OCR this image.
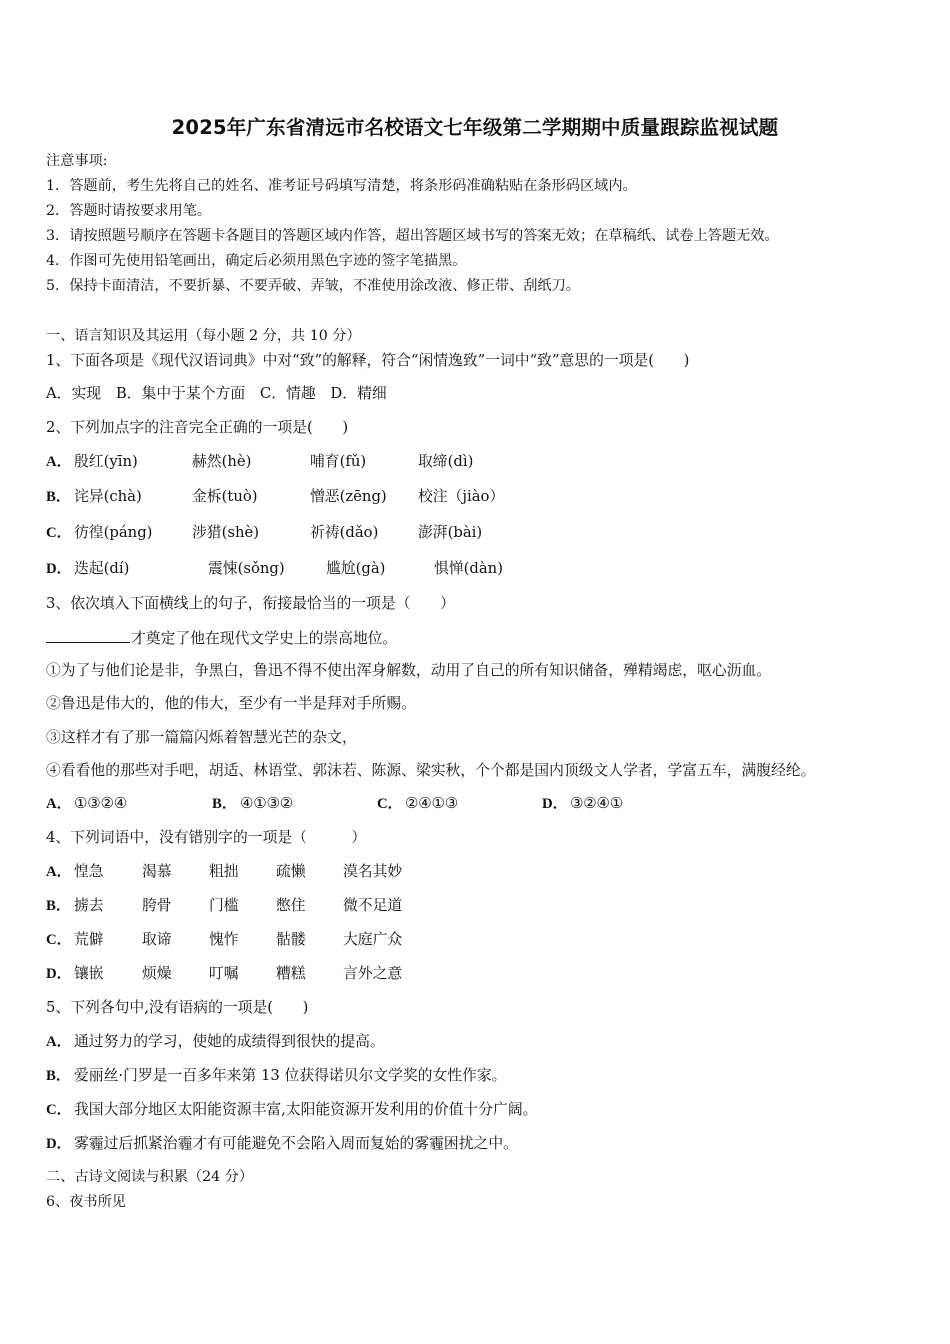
2025年广东省清远市名校语文七年级第二学期期中质量跟踪监视试题
注意事项:
1．答题前，考生先将自己的姓名、准考证号码填写清楚，将条形码准确粘贴在条形码区域内。
2．答题时请按要求用笔。
3．请按照题号顺序在答题卡各题目的答题区域内作答，超出答题区域书写的答案无效；在草稿纸、试卷上答题无效。
4．作图可先使用铅笔画出，确定后必须用黑色字迹的签字笔描黑。
5．保持卡面清洁，不要折暴、不要弄破、弄皱，不准使用涂改液、修正带、刮纸刀。
一、语言知识及其运用（每小题 2 分，共 10 分）
1、下面各项是《现代汉语词典》中对“致”的解释，符合“闲情逸致”一词中“致”意思的一项是(　　)
A．实现　B．集中于某个方面　C．情趣　D．精细
2、下列加点字的注音完全正确的一项是(　　)
A． 殷红(yīn)	赫然(hè)	哺育(fǔ)	取缔(dì)
B． 诧异(chà)	金柝(tuò)	憎恶(zēng) 校注（jiào）
C． 彷徨(páng)	涉猎(shè)	祈祷(dǎo)	澎湃(bài)
D． 迭起(dí)	震悚(sǒng)	尴尬(gà)	惧惮(dàn)
3、依次填入下面横线上的句子，衔接最恰当的一项是（　　）
才奠定了他在现代文学史上的崇高地位。
①为了与他们论是非，争黑白，鲁迅不得不使出浑身解数，动用了自己的所有知识储备，殚精竭虑，呕心沥血。
②鲁迅是伟大的，他的伟大，至少有一半是拜对手所赐。
③这样才有了那一篇篇闪烁着智慧光芒的杂文，
④看看他的那些对手吧，胡适、林语堂、郭沫若、陈源、梁实秋，个个都是国内顶级文人学者，学富五车，满腹经纶。
A． ①③②④	B． ④①③②	C． ②④①③	D． ③②④①
4、下列词语中，没有错别字的一项是（　　　）
A． 惶急	渴慕	粗拙	疏懒	漠名其妙
B． 掳去	胯骨	门槛	憋住	微不足道
C． 荒僻	取谛	愧怍	骷髅	大庭广众
D． 镶嵌	烦燥	叮嘱	糟糕	言外之意
5、下列各句中,没有语病的一项是(　　)
A． 通过努力的学习，使她的成绩得到很快的提高。
B． 爱丽丝·门罗是一百多年来第 13 位获得诺贝尔文学奖的女性作家。
C． 我国大部分地区太阳能资源丰富,太阳能资源开发利用的价值十分广阔。
D． 雾霾过后抓紧治霾才有可能避免不会陷入周而复始的雾霾困扰之中。
二、古诗文阅读与积累（24 分）
6、夜书所见
